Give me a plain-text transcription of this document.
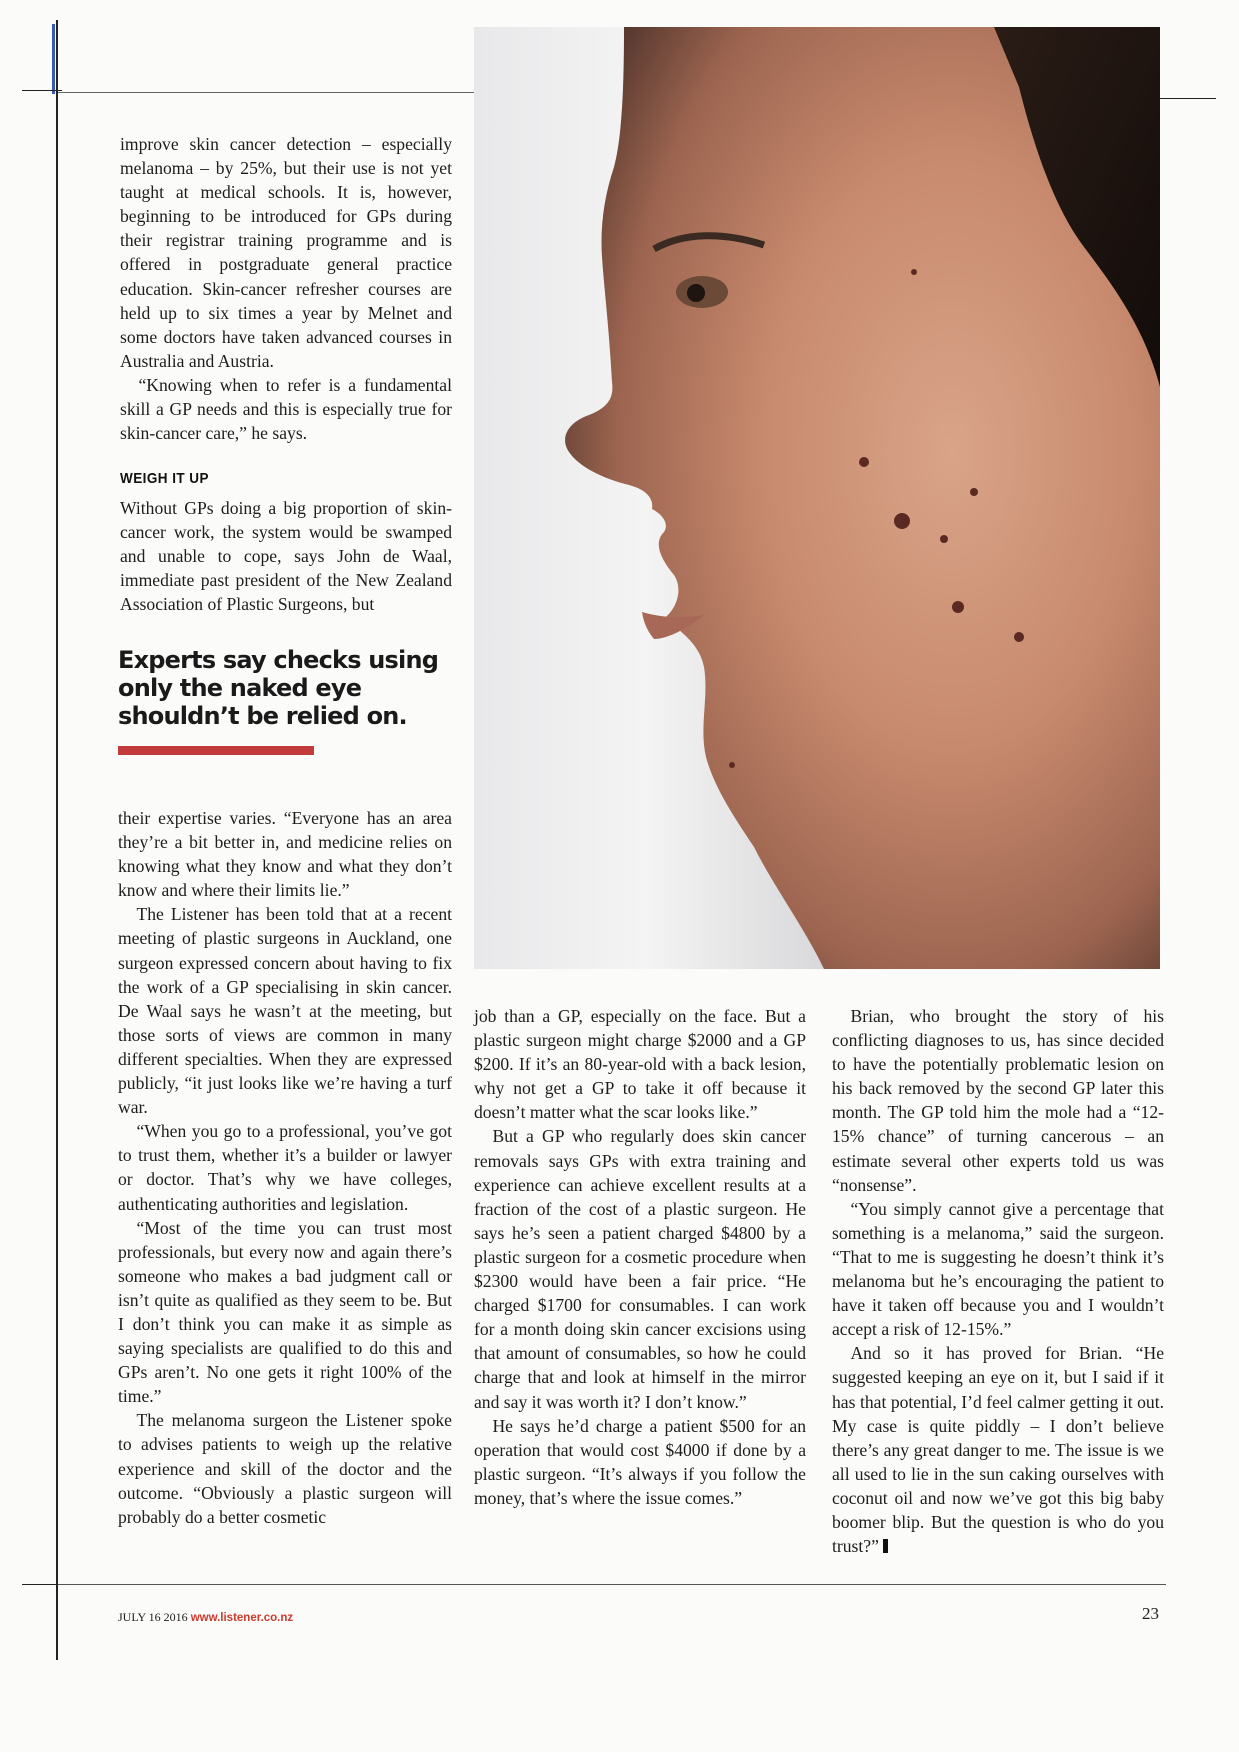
improve skin cancer detection – especially melanoma – by 25%, but their use is not yet taught at medical schools. It is, however, beginning to be introduced for GPs during their registrar training programme and is offered in postgraduate general practice education. Skin-cancer refresher courses are held up to six times a year by Melnet and some doctors have taken advanced courses in Australia and Austria.

“Knowing when to refer is a fundamental skill a GP needs and this is especially true for skin-cancer care,” he says.

WEIGH IT UP

Without GPs doing a big proportion of skin-cancer work, the system would be swamped and unable to cope, says John de Waal, immediate past president of the New Zealand Association of Plastic Surgeons, but

Experts say checks using only the naked eye shouldn’t be relied on.

their expertise varies. “Everyone has an area they’re a bit better in, and medicine relies on knowing what they know and what they don’t know and where their limits lie.”

The Listener has been told that at a recent meeting of plastic surgeons in Auckland, one surgeon expressed concern about having to fix the work of a GP specialising in skin cancer. De Waal says he wasn’t at the meeting, but those sorts of views are common in many different specialties. When they are expressed publicly, “it just looks like we’re having a turf war.

“When you go to a professional, you’ve got to trust them, whether it’s a builder or lawyer or doctor. That’s why we have colleges, authenticating authorities and legislation.

“Most of the time you can trust most professionals, but every now and again there’s someone who makes a bad judgment call or isn’t quite as qualified as they seem to be. But I don’t think you can make it as simple as saying specialists are qualified to do this and GPs aren’t. No one gets it right 100% of the time.”

The melanoma surgeon the Listener spoke to advises patients to weigh up the relative experience and skill of the doctor and the outcome. “Obviously a plastic surgeon will probably do a better cosmetic

job than a GP, especially on the face. But a plastic surgeon might charge $2000 and a GP $200. If it’s an 80-year-old with a back lesion, why not get a GP to take it off because it doesn’t matter what the scar looks like.”

But a GP who regularly does skin cancer removals says GPs with extra training and experience can achieve excellent results at a fraction of the cost of a plastic surgeon. He says he’s seen a patient charged $4800 by a plastic surgeon for a cosmetic procedure when $2300 would have been a fair price. “He charged $1700 for consumables. I can work for a month doing skin cancer excisions using that amount of consumables, so how he could charge that and look at himself in the mirror and say it was worth it? I don’t know.”

He says he’d charge a patient $500 for an operation that would cost $4000 if done by a plastic surgeon. “It’s always if you follow the money, that’s where the issue comes.”

Brian, who brought the story of his conflicting diagnoses to us, has since decided to have the potentially problematic lesion on his back removed by the second GP later this month. The GP told him the mole had a “12-15% chance” of turning cancerous – an estimate several other experts told us was “nonsense”.

“You simply cannot give a percentage that something is a melanoma,” said the surgeon. “That to me is suggesting he doesn’t think it’s melanoma but he’s encouraging the patient to have it taken off because you and I wouldn’t accept a risk of 12-15%.”

And so it has proved for Brian. “He suggested keeping an eye on it, but I said if it has that potential, I’d feel calmer getting it out. My case is quite piddly – I don’t believe there’s any great danger to me. The issue is we all used to lie in the sun caking ourselves with coconut oil and now we’ve got this big baby boomer blip. But the question is who do you trust?”

JULY 16 2016 www.listener.co.nz	23
